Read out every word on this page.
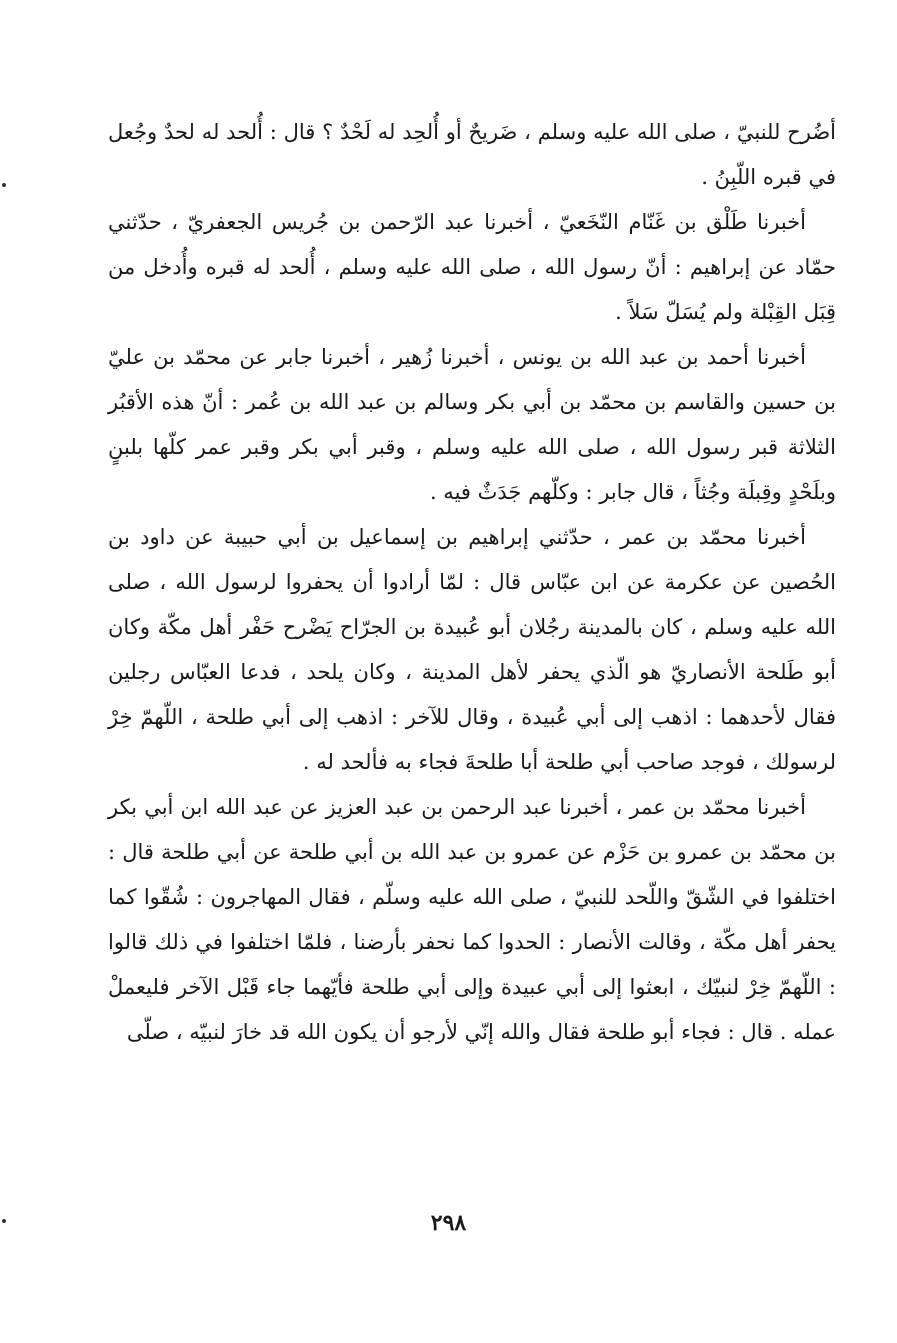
أضُرح للنبيّ ، صلى الله عليه وسلم ، ضَريحٌ أو أُلحِد له لَحْدٌ ؟ قال : أُلحد له لحدٌ وجُعل في قبره اللّبِنُ .

أخبرنا طَلْق بن غَنّام النّخَعيّ ، أخبرنا عبد الرّحمن بن جُريس الجعفريّ ، حدّثني حمّاد عن إبراهيم : أنّ رسول الله ، صلى الله عليه وسلم ، أُلحد له قبره وأُدخل من قِبَل القِبْلة ولم يُسَلّ سَلاً .

أخبرنا أحمد بن عبد الله بن يونس ، أخبرنا زُهير ، أخبرنا جابر عن محمّد بن عليّ بن حسين والقاسم بن محمّد بن أبي بكر وسالم بن عبد الله بن عُمر : أنّ هذه الأقبُر الثلاثة قبر رسول الله ، صلى الله عليه وسلم ، وقبر أبي بكر وقبر عمر كلّها بلبنٍ وبلَحْدٍ وقِبلَة وجُثاً ، قال جابر : وكلّهم جَدَثٌ فيه .

أخبرنا محمّد بن عمر ، حدّثني إبراهيم بن إسماعيل بن أبي حبيبة عن داود بن الحُصين عن عكرمة عن ابن عبّاس قال : لمّا أرادوا أن يحفروا لرسول الله ، صلى الله عليه وسلم ، كان بالمدينة رجُلان أبو عُبيدة بن الجرّاح يَضْرح حَفْر أهل مكّة وكان أبو طَلحة الأنصاريّ هو الّذي يحفر لأهل المدينة ، وكان يلحد ، فدعا العبّاس رجلين فقال لأحدهما : اذهب إلى أبي عُبيدة ، وقال للآخر : اذهب إلى أبي طلحة ، اللّهمّ خِرْ لرسولك ، فوجد صاحب أبي طلحة أبا طلحةَ فجاء به فألحد له .

أخبرنا محمّد بن عمر ، أخبرنا عبد الرحمن بن عبد العزيز عن عبد الله ابن أبي بكر بن محمّد بن عمرو بن حَزْم عن عمرو بن عبد الله بن أبي طلحة عن أبي طلحة قال : اختلفوا في الشّقّ واللّحد للنبيّ ، صلى الله عليه وسلّم ، فقال المهاجرون : شُقّوا كما يحفر أهل مكّة ، وقالت الأنصار : الحدوا كما نحفر بأرضنا ، فلمّا اختلفوا في ذلك قالوا : اللّهمّ خِرْ لنبيّك ، ابعثوا إلى أبي عبيدة وإلى أبي طلحة فأيّهما جاء قَبْل الآخر فليعملْ عمله . قال : فجاء أبو طلحة فقال والله إنّي لأرجو أن يكون الله قد خارَ لنبيّه ، صلّى

٢٩٨
